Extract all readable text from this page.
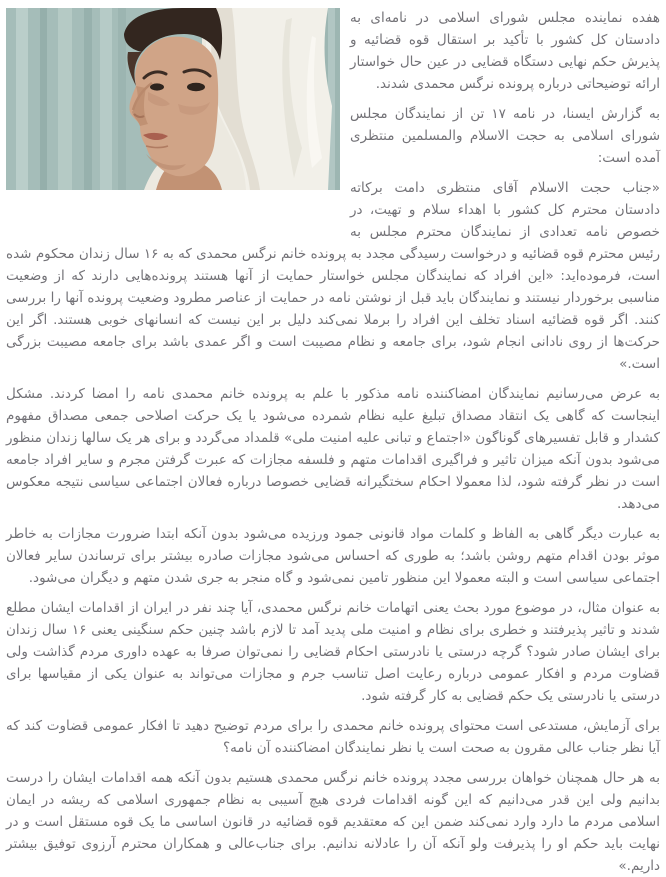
هفده نماینده مجلس شورای اسلامی در نامه‌ای به دادستان کل کشور با تأکید بر استقال قوه قضائیه و پذیرش حکم نهایی دستگاه قضایی در عین حال خواستار ارائه توضیحاتی درباره پرونده نرگس محمدی شدند.

به گزارش ایسنا، در نامه ۱۷ تن از نمایندگان مجلس شورای اسلامی به حجت الاسلام والمسلمین منتظری آمده است:

«جناب حجت الاسلام آقای منتظری دامت برکاته دادستان محترم کل کشور با اهداء سلام و تهیت، در خصوص نامه تعدادی از نمایندگان محترم مجلس به رئیس محترم قوه قضائیه و درخواست رسیدگی مجدد به پرونده خانم نرگس محمدی که به ۱۶ سال زندان محکوم شده است، فرموده‌اید: «این افراد که نمایندگان مجلس خواستار حمایت از آنها هستند پرونده‌هایی دارند که از وضعیت مناسبی برخوردار نیستند و نمایندگان باید قبل از نوشتن نامه در حمایت از عناصر مطرود وضعیت پرونده آنها را بررسی کنند. اگر قوه قضائیه اسناد تخلف این افراد را برملا نمی‌کند دلیل بر این نیست که انسانهای خوبی هستند. اگر این حرکت‌ها از روی نادانی انجام شود، برای جامعه و نظام مصیبت است و اگر عمدی باشد برای جامعه مصیبت بزرگی است.»

به عرض می‌رسانیم نمایندگان امضاکننده نامه مذکور با علم به پرونده خانم محمدی نامه را امضا کردند. مشکل اینجاست که گاهی یک انتقاد مصداق تبلیغ علیه نظام شمرده می‌شود یا یک حرکت اصلاحی جمعی مصداق مفهوم کشدار و قابل تفسیرهای گوناگون «اجتماع و تبانی علیه امنیت ملی» قلمداد می‌گردد و برای هر یک سالها زندان منظور می‌شود بدون آنکه میزان تاثیر و فراگیری اقدامات متهم و فلسفه مجازات که عبرت گرفتن مجرم و سایر افراد جامعه است در نظر گرفته شود، لذا معمولا احکام سختگیرانه قضایی خصوصا درباره فعالان اجتماعی سیاسی نتیجه معکوس می‌دهد.

به عبارت دیگر گاهی به الفاظ و کلمات مواد قانونی جمود ورزیده می‌شود بدون آنکه ابتدا ضرورت مجازات به خاطر موثر بودن اقدام متهم روشن باشد؛ به طوری که احساس می‌شود مجازات صادره بیشتر برای ترساندن سایر فعالان اجتماعی سیاسی است و البته معمولا این منظور تامین نمی‌شود و گاه منجر به جری شدن متهم و دیگران می‌شود.

به عنوان مثال، در موضوع مورد بحث یعنی اتهامات خانم نرگس محمدی، آیا چند نفر در ایران از اقدامات ایشان مطلع شدند و تاثیر پذیرفتند و خطری برای نظام و امنیت ملی پدید آمد تا لازم باشد چنین حکم سنگینی یعنی ۱۶ سال زندان برای ایشان صادر شود؟ گرچه درستی یا نادرستی احکام قضایی را نمی‌توان صرفا به عهده داوری مردم گذاشت ولی قضاوت مردم و افکار عمومی درباره رعایت اصل تناسب جرم و مجازات می‌تواند به عنوان یکی از مقیاسها برای درستی یا نادرستی یک حکم قضایی به کار گرفته شود.

برای آزمایش، مستدعی است محتوای پرونده خانم محمدی را برای مردم توضیح دهید تا افکار عمومی قضاوت کند که آیا نظر جناب عالی مقرون به صحت است یا نظر نمایندگان امضاکننده آن نامه؟

به هر حال همچنان خواهان بررسی مجدد پرونده خانم نرگس محمدی هستیم بدون آنکه همه اقدامات ایشان را درست بدانیم ولی این قدر می‌دانیم که این گونه اقدامات فردی هیچ آسیبی به نظام جمهوری اسلامی که ریشه در ایمان اسلامی مردم ما دارد وارد نمی‌کند ضمن این که معتقدیم قوه قضائیه در قانون اساسی ما یک قوه مستقل است و در نهایت باید حکم او را پذیرفت ولو آنکه آن را عادلانه ندانیم. برای جناب‌عالی و همکاران محترم آرزوی توفیق بیشتر داریم.»
